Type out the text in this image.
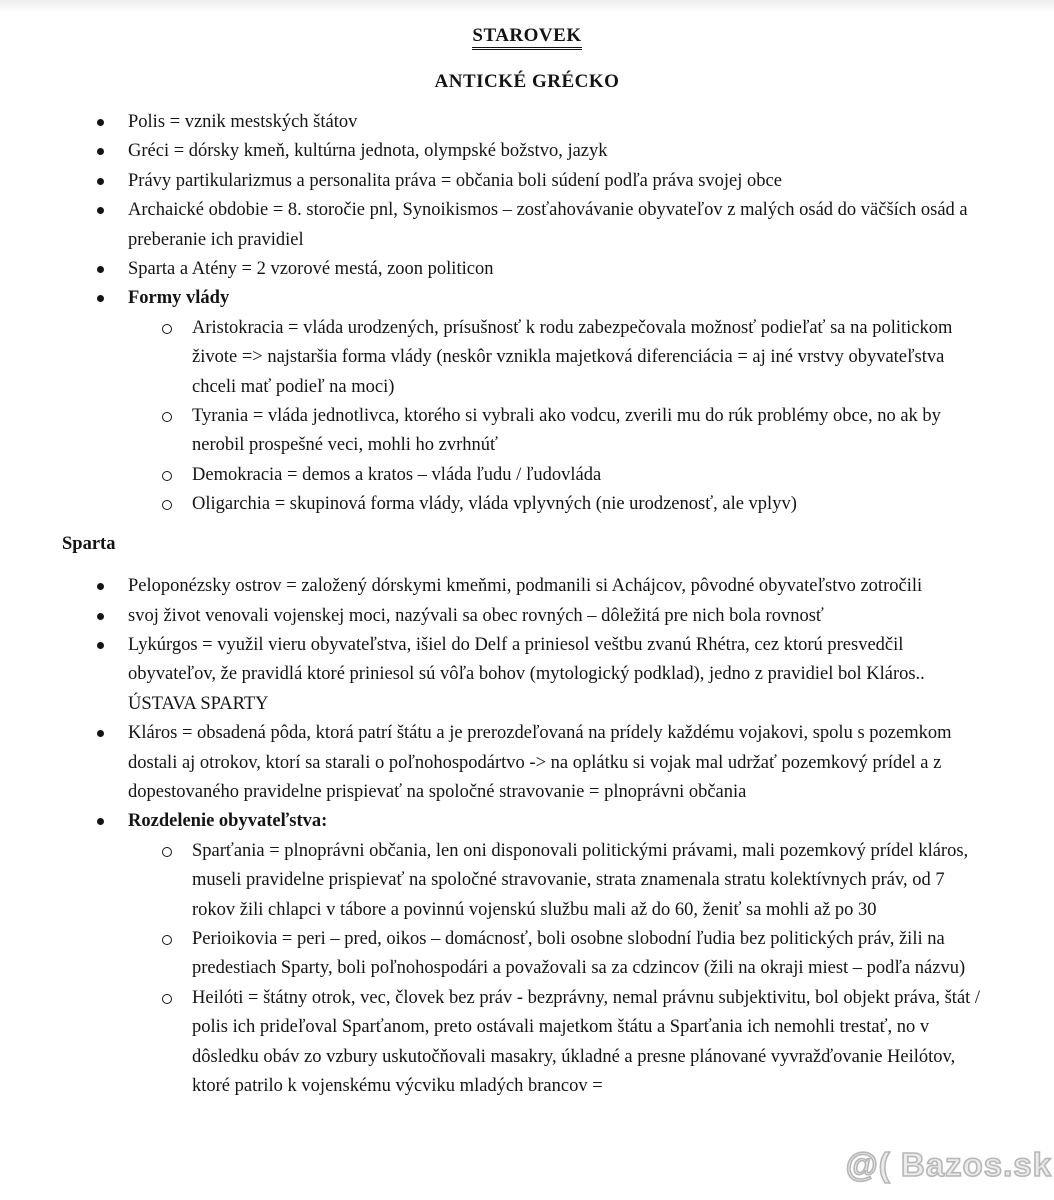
STAROVEK
ANTICKÉ GRÉCKO
Polis = vznik mestských štátov
Gréci = dórsky kmeň, kultúrna jednota, olympské božstvo, jazyk
Právy partikularizmus a personalita práva = občania boli súdení podľa práva svojej obce
Archaické obdobie = 8. storočie pnl, Synoikismos – zosťahovávanie obyvateľov z malých osád do väčších osád a preberanie ich pravidiel
Sparta a Atény = 2 vzorové mestá, zoon politicon
Formy vlády
Aristokracia = vláda urodzených, prísušnosť k rodu zabezpečovala možnosť podieľať sa na politickom živote => najstaršia forma vlády (neskôr vznikla majetková diferenciácia = aj iné vrstvy obyvateľstva chceli mať podieľ na moci)
Tyrania = vláda jednotlivca, ktorého si vybrali ako vodcu, zverili mu do rúk problémy obce, no ak by nerobil prospešné veci, mohli ho zvrhnúť
Demokracia = demos a kratos – vláda ľudu / ľudovláda
Oligarchia = skupinová forma vlády, vláda vplyvných (nie urodzenosť, ale vplyv)
Sparta
Peloponézsky ostrov = založený dórskymi kmeňmi, podmanili si Achájcov, pôvodné obyvateľstvo zotročili
svoj život venovali vojenskej moci, nazývali sa obec rovných – dôležitá pre nich bola rovnosť
Lykúrgos = využil vieru obyvateľstva, išiel do Delf a priniesol veštbu zvanú Rhétra, cez ktorú presvedčil obyvateľov, že pravidlá ktoré priniesol sú vôľa bohov (mytologický podklad), jedno z pravidiel bol Kláros.. ÚSTAVA SPARTY
Kláros = obsadená pôda, ktorá patrí štátu a je prerozdeľovaná na prídely každému vojakovi, spolu s pozemkom dostali aj otrokov, ktorí sa starali o poľnohospodártvo -> na oplátku si vojak mal udržať pozemkový prídel a z dopestovaného pravidelne prispievať na spoločné stravovanie = plnoprávni občania
Rozdelenie obyvateľstva:
Sparťania = plnoprávni občania, len oni disponovali politickými právami, mali pozemkový prídel kláros, museli pravidelne prispievať na spoločné stravovanie, strata znamenala stratu kolektívnych práv, od 7 rokov žili chlapci v tábore a povinnú vojenskú službu mali až do 60, ženiť sa mohli až po 30
Perioikovia = peri – pred, oikos – domácnosť, boli osobne slobodní ľudia bez politických práv, žili na predestiach Sparty, boli poľnohospodári a považovali sa za cdzincov (žili na okraji miest – podľa názvu)
Heilóti = štátny otrok, vec, človek bez práv - bezprávny, nemal právnu subjektivitu, bol objekt práva, štát / polis ich prideľoval Sparťanom, preto ostávali majetkom štátu a Sparťania ich nemohli trestať, no v dôsledku obáv zo vzbury uskutočňovali masakry, úkladné a presne plánované vyvražďovanie Heilótov, ktoré patrilo k vojenskému výcviku mladých brancov =
@( Bazos.sk
